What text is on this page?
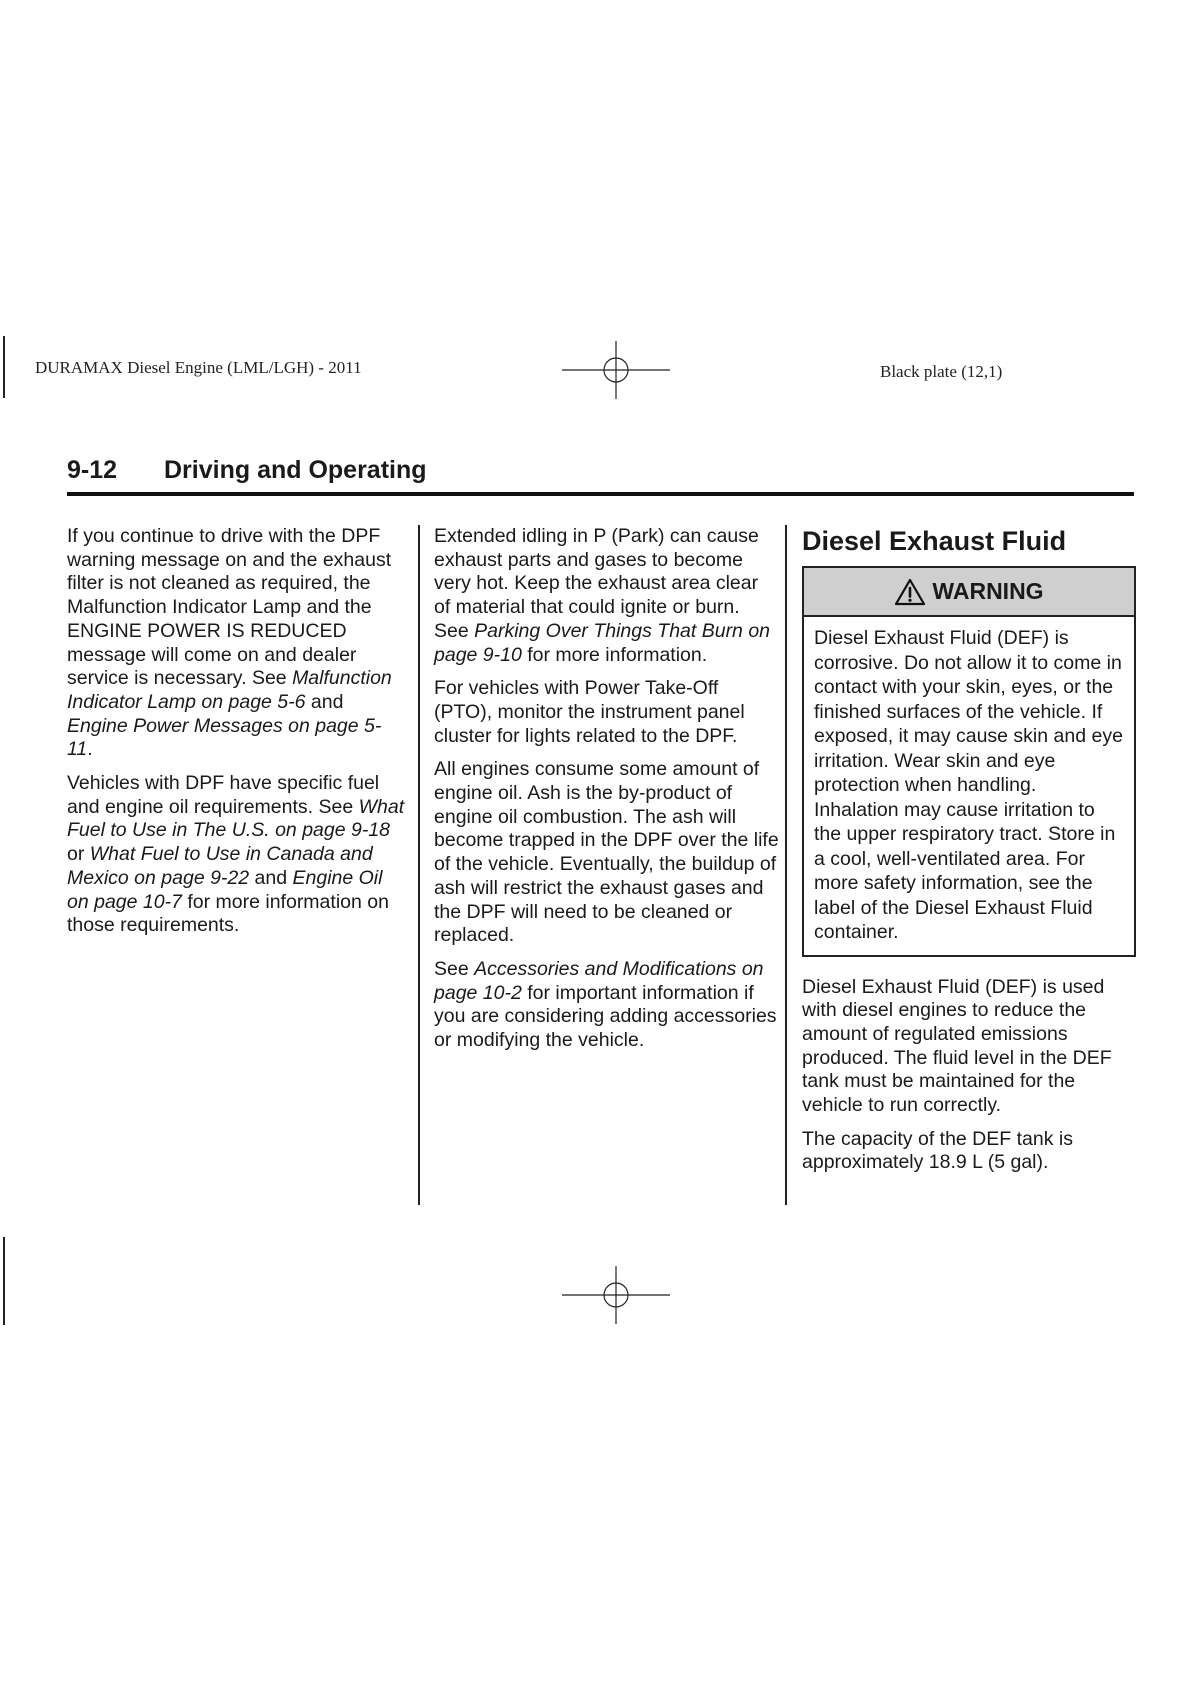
DURAMAX Diesel Engine (LML/LGH) - 2011	Black plate (12,1)
9-12 Driving and Operating

If you continue to drive with the DPF warning message on and the exhaust filter is not cleaned as required, the Malfunction Indicator Lamp and the ENGINE POWER IS REDUCED message will come on and dealer service is necessary. See Malfunction Indicator Lamp on page 5-6 and Engine Power Messages on page 5-11.

Vehicles with DPF have specific fuel and engine oil requirements. See What Fuel to Use in The U.S. on page 9-18 or What Fuel to Use in Canada and Mexico on page 9-22 and Engine Oil on page 10-7 for more information on those requirements.

Extended idling in P (Park) can cause exhaust parts and gases to become very hot. Keep the exhaust area clear of material that could ignite or burn. See Parking Over Things That Burn on page 9-10 for more information.

For vehicles with Power Take-Off (PTO), monitor the instrument panel cluster for lights related to the DPF.

All engines consume some amount of engine oil. Ash is the by-product of engine oil combustion. The ash will become trapped in the DPF over the life of the vehicle. Eventually, the buildup of ash will restrict the exhaust gases and the DPF will need to be cleaned or replaced.

See Accessories and Modifications on page 10-2 for important information if you are considering adding accessories or modifying the vehicle.

Diesel Exhaust Fluid
WARNING
Diesel Exhaust Fluid (DEF) is corrosive. Do not allow it to come in contact with your skin, eyes, or the finished surfaces of the vehicle. If exposed, it may cause skin and eye irritation. Wear skin and eye protection when handling. Inhalation may cause irritation to the upper respiratory tract. Store in a cool, well-ventilated area. For more safety information, see the label of the Diesel Exhaust Fluid container.

Diesel Exhaust Fluid (DEF) is used with diesel engines to reduce the amount of regulated emissions produced. The fluid level in the DEF tank must be maintained for the vehicle to run correctly.

The capacity of the DEF tank is approximately 18.9 L (5 gal).
